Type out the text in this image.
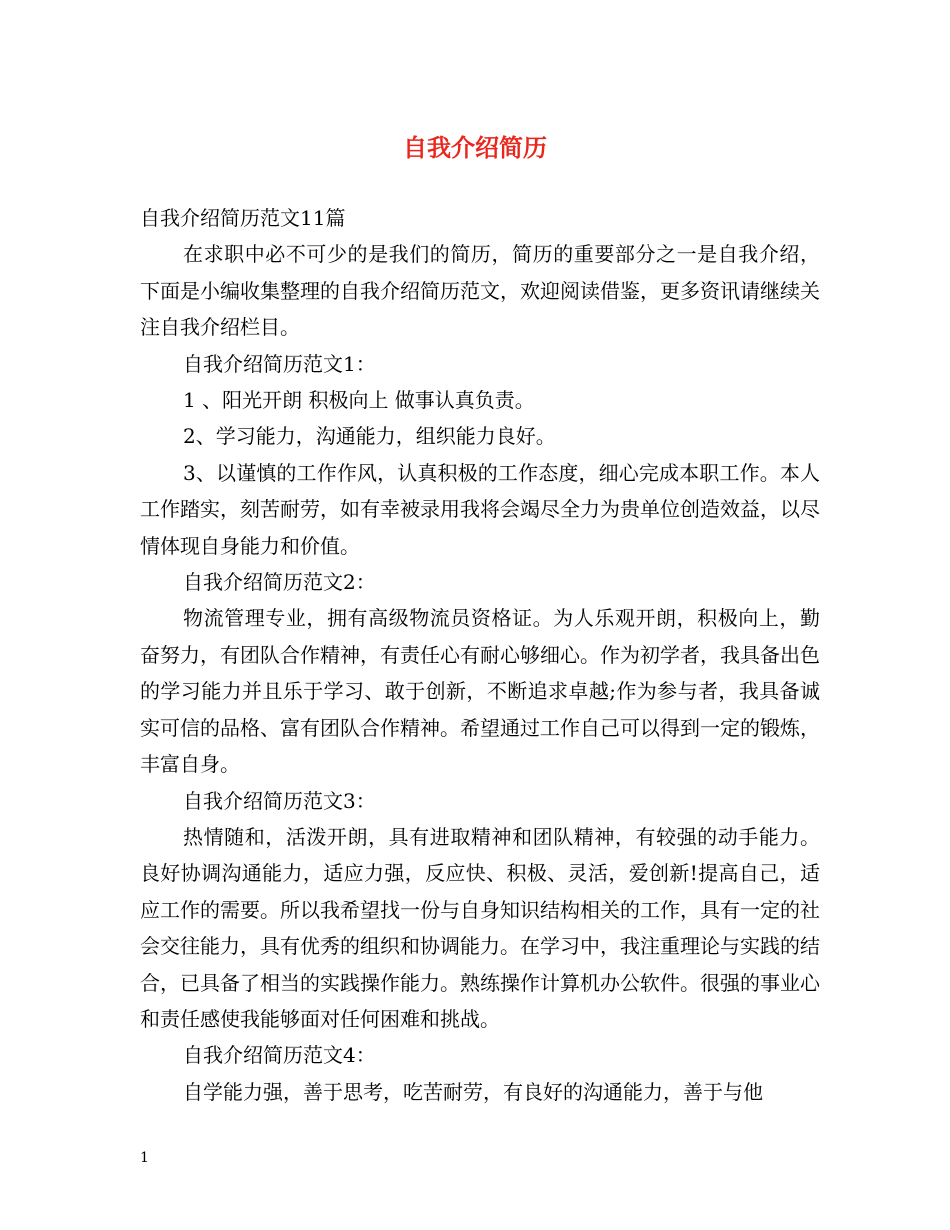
自我介绍简历

自我介绍简历范文11篇

在求职中必不可少的是我们的简历，简历的重要部分之一是自我介绍，下面是小编收集整理的自我介绍简历范文，欢迎阅读借鉴，更多资讯请继续关注自我介绍栏目。

自我介绍简历范文1：

1 、阳光开朗 积极向上 做事认真负责。

2、学习能力，沟通能力，组织能力良好。

3、以谨慎的工作作风，认真积极的工作态度，细心完成本职工作。本人工作踏实，刻苦耐劳，如有幸被录用我将会竭尽全力为贵单位创造效益，以尽情体现自身能力和价值。

自我介绍简历范文2：

物流管理专业，拥有高级物流员资格证。为人乐观开朗，积极向上，勤奋努力，有团队合作精神，有责任心有耐心够细心。作为初学者，我具备出色的学习能力并且乐于学习、敢于创新，不断追求卓越;作为参与者，我具备诚实可信的品格、富有团队合作精神。希望通过工作自己可以得到一定的锻炼，丰富自身。

自我介绍简历范文3：

热情随和，活泼开朗，具有进取精神和团队精神，有较强的动手能力。良好协调沟通能力，适应力强，反应快、积极、灵活，爱创新!提高自己，适应工作的需要。所以我希望找一份与自身知识结构相关的工作，具有一定的社会交往能力，具有优秀的组织和协调能力。在学习中，我注重理论与实践的结合，已具备了相当的实践操作能力。熟练操作计算机办公软件。很强的事业心和责任感使我能够面对任何困难和挑战。

自我介绍简历范文4：

自学能力强，善于思考，吃苦耐劳，有良好的沟通能力，善于与他

1
